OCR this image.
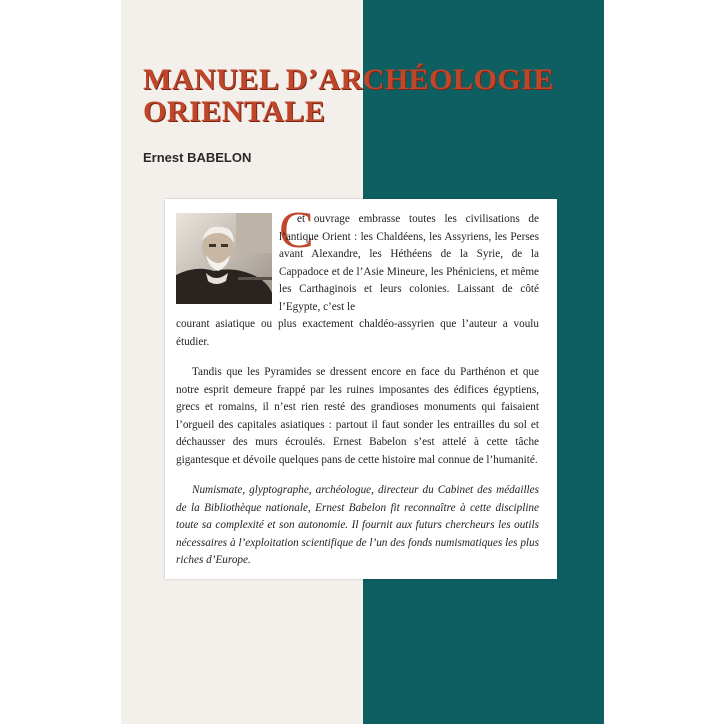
MANUEL D’ARCHÉOLOGIE
ORIENTALE
Ernest BABELON
C
et ouvrage embrasse toutes les civilisations de l’antique Orient : les Chaldéens, les Assyriens, les Perses avant Alexandre, les Héthéens de la Syrie, de la Cappadoce et de l’Asie Mineure, les Phéniciens, et même les Carthaginois et leurs colonies. Laissant de côté l’Egypte, c’est le
courant asiatique ou plus exactement chaldéo-assyrien que l’auteur a voulu étudier.
Tandis que les Pyramides se dressent encore en face du Parthénon et que notre esprit demeure frappé par les ruines imposantes des édifices égyptiens, grecs et romains, il n’est rien resté des grandioses monuments qui faisaient l’orgueil des capitales asiatiques : partout il faut sonder les entrailles du sol et déchausser des murs écroulés. Ernest Babelon s’est attelé à cette tâche gigantesque et dévoile quelques pans de cette histoire mal connue de l’humanité.
Numismate, glyptographe, archéologue, directeur du Cabinet des médailles de la Bibliothèque nationale, Ernest Babelon fit reconnaître à cette discipline toute sa complexité et son autonomie. Il fournit aux futurs chercheurs les outils nécessaires à l’exploitation scientifique de l’un des fonds numismatiques les plus riches d’Europe.
